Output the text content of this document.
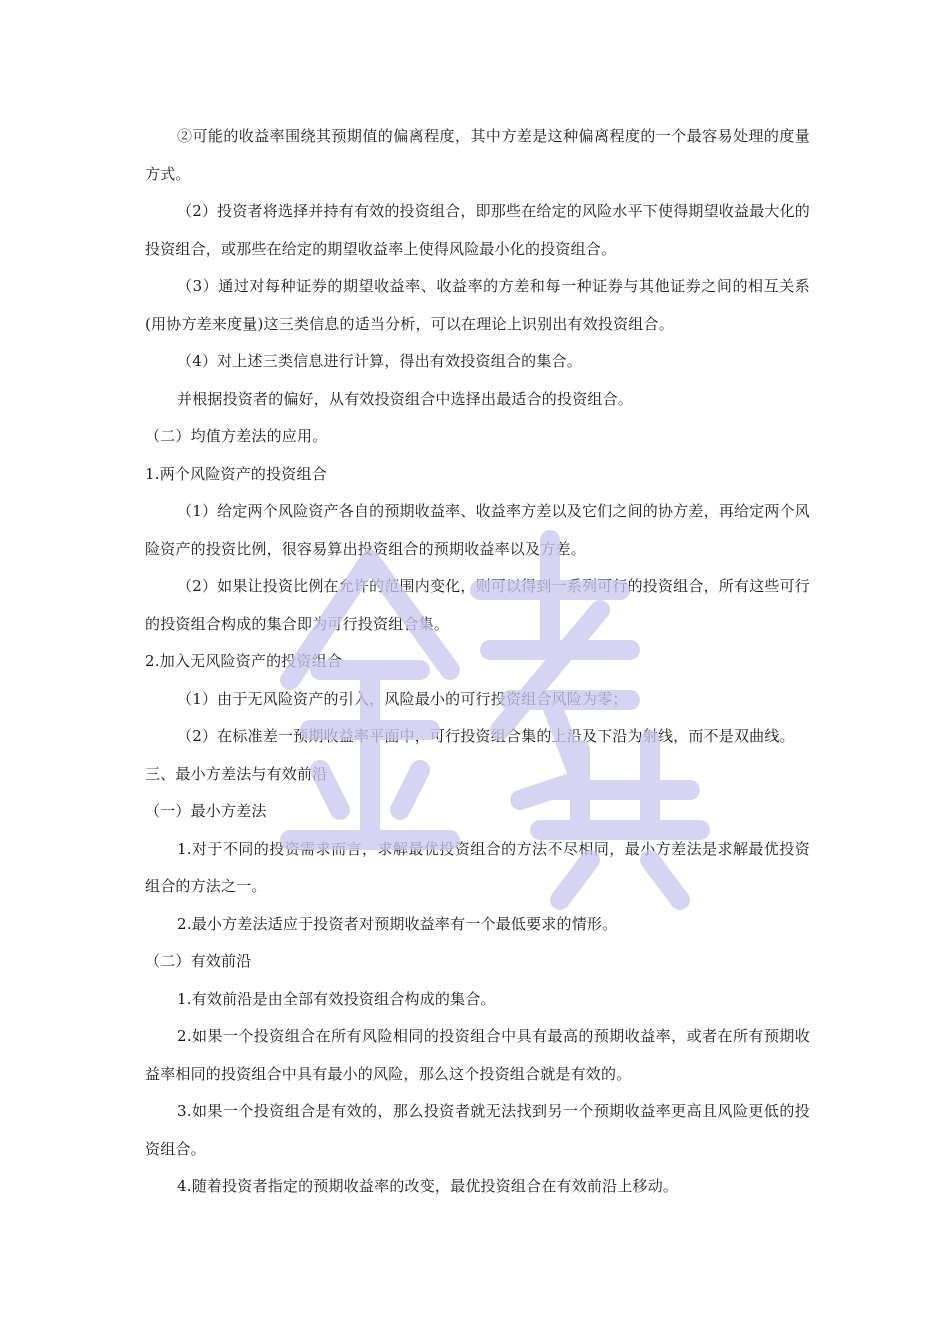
②可能的收益率围绕其预期值的偏离程度，其中方差是这种偏离程度的一个最容易处理的度量方式。

（2）投资者将选择并持有有效的投资组合，即那些在给定的风险水平下使得期望收益最大化的投资组合，或那些在给定的期望收益率上使得风险最小化的投资组合。

（3）通过对每种证券的期望收益率、收益率的方差和每一种证券与其他证券之间的相互关系(用协方差来度量)这三类信息的适当分析，可以在理论上识别出有效投资组合。

（4）对上述三类信息进行计算，得出有效投资组合的集合。

并根据投资者的偏好，从有效投资组合中选择出最适合的投资组合。

（二）均值方差法的应用。

1.两个风险资产的投资组合

（1）给定两个风险资产各自的预期收益率、收益率方差以及它们之间的协方差，再给定两个风险资产的投资比例，很容易算出投资组合的预期收益率以及方差。

（2）如果让投资比例在允许的范围内变化，则可以得到一系列可行的投资组合，所有这些可行的投资组合构成的集合即为可行投资组合集。

2.加入无风险资产的投资组合

（1）由于无风险资产的引入，风险最小的可行投资组合风险为零；

（2）在标准差一预期收益率平面中，可行投资组合集的上沿及下沿为射线，而不是双曲线。

三、最小方差法与有效前沿

（一）最小方差法

1.对于不同的投资需求而言，求解最优投资组合的方法不尽相同，最小方差法是求解最优投资组合的方法之一。

2.最小方差法适应于投资者对预期收益率有一个最低要求的情形。

（二）有效前沿

1.有效前沿是由全部有效投资组合构成的集合。

2.如果一个投资组合在所有风险相同的投资组合中具有最高的预期收益率，或者在所有预期收益率相同的投资组合中具有最小的风险，那么这个投资组合就是有效的。

3.如果一个投资组合是有效的，那么投资者就无法找到另一个预期收益率更高且风险更低的投资组合。

4.随着投资者指定的预期收益率的改变，最优投资组合在有效前沿上移动。
